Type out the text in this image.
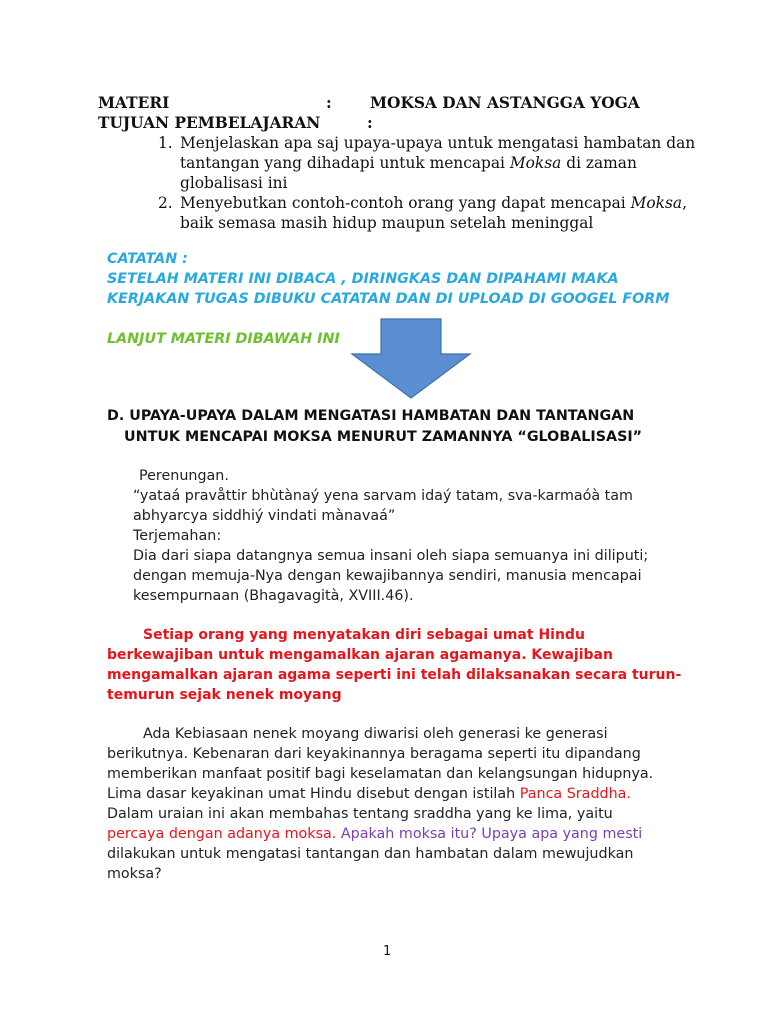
MATERI	: MOKSA DAN ASTANGGA YOGA
TUJUAN PEMBELAJARAN	:
1. Menjelaskan apa saj upaya-upaya untuk mengatasi hambatan dan
tantangan yang dihadapi untuk mencapai Moksa di zaman
globalisasi ini
2. Menyebutkan contoh-contoh orang yang dapat mencapai Moksa,
baik semasa masih hidup maupun setelah meninggal
CATATAN :
SETELAH MATERI INI DIBACA , DIRINGKAS DAN DIPAHAMI MAKA
KERJAKAN TUGAS DIBUKU CATATAN DAN DI UPLOAD DI GOOGEL FORM
LANJUT MATERI DIBAWAH INI
D. UPAYA-UPAYA DALAM MENGATASI HAMBATAN DAN TANTANGAN
UNTUK MENCAPAI MOKSA MENURUT ZAMANNYA “GLOBALISASI”
Perenungan.
“yataá pravåttir bhùtànaý yena sarvam idaý tatam, sva-karmaóà tam
abhyarcya siddhiý vindati mànavaá”
Terjemahan:
Dia dari siapa datangnya semua insani oleh siapa semuanya ini diliputi;
dengan memuja-Nya dengan kewajibannya sendiri, manusia mencapai
kesempurnaan (Bhagavagità, XVIII.46).
Setiap orang yang menyatakan diri sebagai umat Hindu
berkewajiban untuk mengamalkan ajaran agamanya. Kewajiban
mengamalkan ajaran agama seperti ini telah dilaksanakan secara turun-
temurun sejak nenek moyang
Ada Kebiasaan nenek moyang diwarisi oleh generasi ke generasi
berikutnya. Kebenaran dari keyakinannya beragama seperti itu dipandang
memberikan manfaat positif bagi keselamatan dan kelangsungan hidupnya.
Lima dasar keyakinan umat Hindu disebut dengan istilah Panca Sraddha.
Dalam uraian ini akan membahas tentang sraddha yang ke lima, yaitu
percaya dengan adanya moksa. Apakah moksa itu? Upaya apa yang mesti
dilakukan untuk mengatasi tantangan dan hambatan dalam mewujudkan
moksa?
1
